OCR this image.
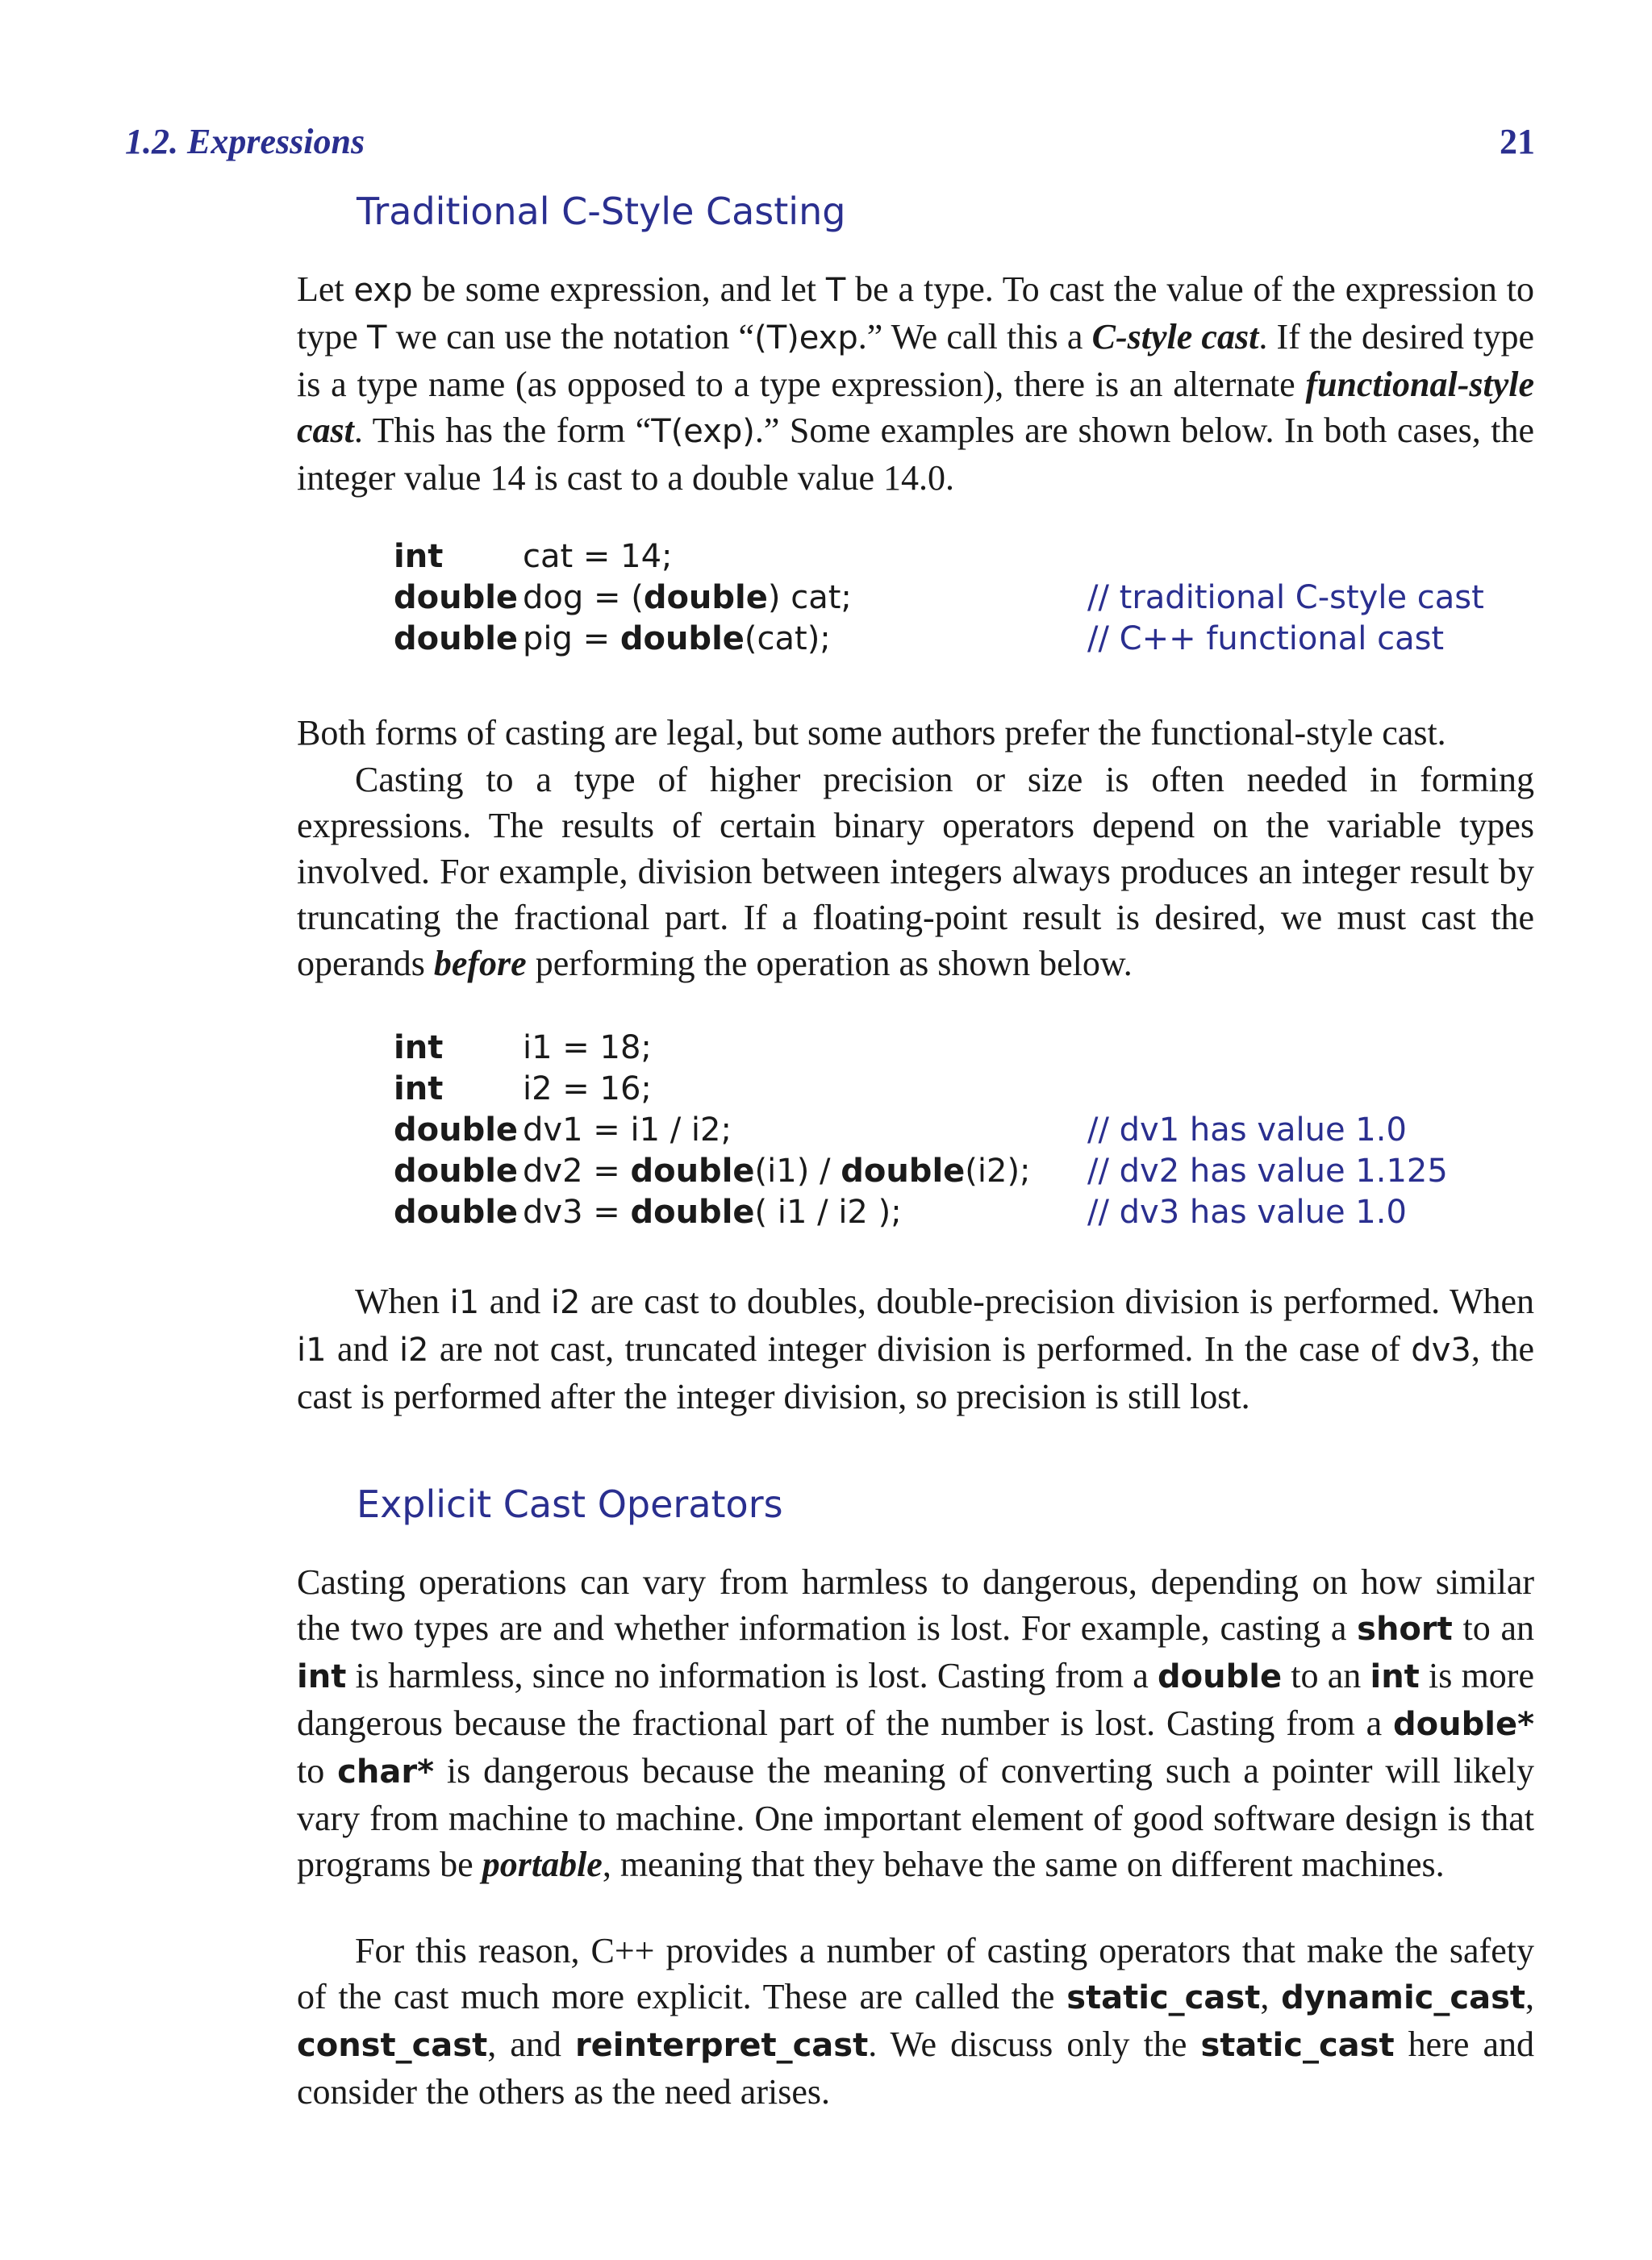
1.2. Expressions	21
Traditional C-Style Casting
Let exp be some expression, and let T be a type. To cast the value of the expression to type T we can use the notation “(T)exp.” We call this a C-style cast. If the desired type is a type name (as opposed to a type expression), there is an alternate functional-style cast. This has the form “T(exp).” Some examples are shown below. In both cases, the integer value 14 is cast to a double value 14.0.
int cat = 14;
double dog = (double) cat;	// traditional C-style cast
double pig = double(cat);	// C++ functional cast
Both forms of casting are legal, but some authors prefer the functional-style cast.
Casting to a type of higher precision or size is often needed in forming expressions. The results of certain binary operators depend on the variable types involved. For example, division between integers always produces an integer result by truncating the fractional part. If a floating-point result is desired, we must cast the operands before performing the operation as shown below.
int i1 = 18;
int i2 = 16;
double dv1 = i1 / i2;	// dv1 has value 1.0
double dv2 = double(i1) / double(i2); // dv2 has value 1.125
double dv3 = double( i1 / i2 );	// dv3 has value 1.0
When i1 and i2 are cast to doubles, double-precision division is performed. When i1 and i2 are not cast, truncated integer division is performed. In the case of dv3, the cast is performed after the integer division, so precision is still lost.
Explicit Cast Operators
Casting operations can vary from harmless to dangerous, depending on how similar the two types are and whether information is lost. For example, casting a short to an int is harmless, since no information is lost. Casting from a double to an int is more dangerous because the fractional part of the number is lost. Casting from a double* to char* is dangerous because the meaning of converting such a pointer will likely vary from machine to machine. One important element of good software design is that programs be portable, meaning that they behave the same on different machines.
For this reason, C++ provides a number of casting operators that make the safety of the cast much more explicit. These are called the static_cast, dynamic_cast, const_cast, and reinterpret_cast. We discuss only the static_cast here and consider the others as the need arises.
